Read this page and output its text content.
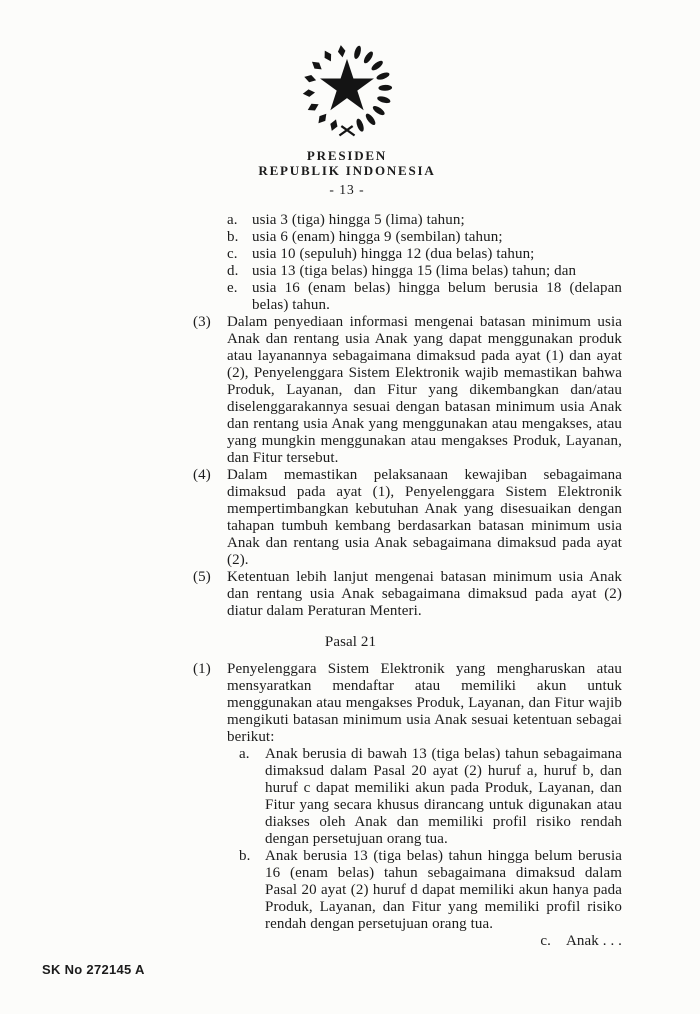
PRESIDEN
REPUBLIK INDONESIA
- 13 -
a. usia 3 (tiga) hingga 5 (lima) tahun;
b. usia 6 (enam) hingga 9 (sembilan) tahun;
c. usia 10 (sepuluh) hingga 12 (dua belas) tahun;
d. usia 13 (tiga belas) hingga 15 (lima belas) tahun; dan
e. usia 16 (enam belas) hingga belum berusia 18 (delapan belas) tahun.
(3)	Dalam penyediaan informasi mengenai batasan minimum usia Anak dan rentang usia Anak yang dapat menggunakan produk atau layanannya sebagaimana dimaksud pada ayat (1) dan ayat (2), Penyelenggara Sistem Elektronik wajib memastikan bahwa Produk, Layanan, dan Fitur yang dikembangkan dan/atau diselenggarakannya sesuai dengan batasan minimum usia Anak dan rentang usia Anak yang menggunakan atau mengakses, atau yang mungkin menggunakan atau mengakses Produk, Layanan, dan Fitur tersebut.
(4)	Dalam memastikan pelaksanaan kewajiban sebagaimana dimaksud pada ayat (1), Penyelenggara Sistem Elektronik mempertimbangkan kebutuhan Anak yang disesuaikan dengan tahapan tumbuh kembang berdasarkan batasan minimum usia Anak dan rentang usia Anak sebagaimana dimaksud pada ayat (2).
(5)	Ketentuan lebih lanjut mengenai batasan minimum usia Anak dan rentang usia Anak sebagaimana dimaksud pada ayat (2) diatur dalam Peraturan Menteri.
Pasal 21
(1)	Penyelenggara Sistem Elektronik yang mengharuskan atau mensyaratkan mendaftar atau memiliki akun untuk menggunakan atau mengakses Produk, Layanan, dan Fitur wajib mengikuti batasan minimum usia Anak sesuai ketentuan sebagai berikut:
a.	Anak berusia di bawah 13 (tiga belas) tahun sebagaimana dimaksud dalam Pasal 20 ayat (2) huruf a, huruf b, dan huruf c dapat memiliki akun pada Produk, Layanan, dan Fitur yang secara khusus dirancang untuk digunakan atau diakses oleh Anak dan memiliki profil risiko rendah dengan persetujuan orang tua.
b. Anak berusia 13 (tiga belas) tahun hingga belum berusia 16 (enam belas) tahun sebagaimana dimaksud dalam Pasal 20 ayat (2) huruf d dapat memiliki akun hanya pada Produk, Layanan, dan Fitur yang memiliki profil risiko rendah dengan persetujuan orang tua.
c. Anak . . .
SK No 272145 A
